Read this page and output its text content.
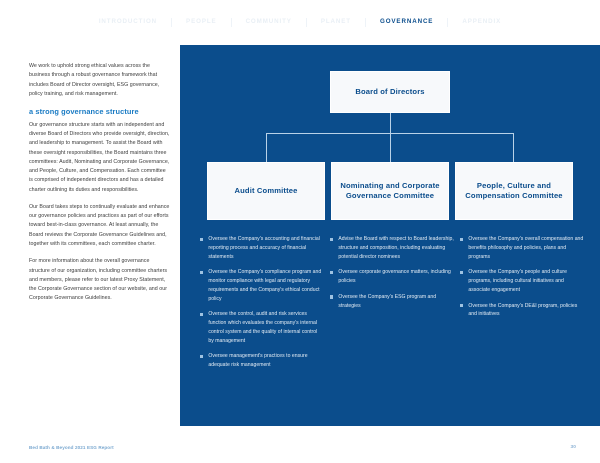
INTRODUCTION	PEOPLE	COMMUNITY	PLANET	GOVERNANCE	APPENDIX

We work to uphold strong ethical values across the business through a robust governance framework that includes Board of Director oversight, ESG governance, policy training, and risk management.

a strong governance structure

Our governance structure starts with an independent and diverse Board of Directors who provide oversight, direction, and leadership to management. To assist the Board with these oversight responsibilities, the Board maintains three committees: Audit, Nominating and Corporate Governance, and People, Culture, and Compensation. Each committee is comprised of independent directors and has a detailed charter outlining its duties and responsibilities.

Our Board takes steps to continually evaluate and enhance our governance policies and practices as part of our efforts toward best-in-class governance. At least annually, the Board reviews the Corporate Governance Guidelines and, together with its committees, each committee charter.

For more information about the overall governance structure of our organization, including committee charters and members, please refer to our latest Proxy Statement, the Corporate Governance section of our website, and our Corporate Governance Guidelines.

Board of Directors
Audit Committee
Nominating and Corporate Governance Committee
People, Culture and Compensation Committee
Oversee the Company's accounting and financial reporting process and accuracy of financial statements
Oversee the Company's compliance program and monitor compliance with legal and regulatory requirements and the Company's ethical conduct policy
Oversee the control, audit and risk services function which evaluates the company's internal control system and the quality of internal control by management
Oversee management's practices to ensure adequate risk management
Advise the Board with respect to Board leadership, structure and composition, including evaluating potential director nominees
Oversee corporate governance matters, including policies
Oversee the Company's ESG program and strategies
Oversee the Company's overall compensation and benefits philosophy and policies, plans and programs
Oversee the Company's people and culture programs, including cultural initiatives and associate engagement
Oversee the Company's DE&I program, policies and initiatives
Bed Bath & Beyond 2021 ESG Report	30
